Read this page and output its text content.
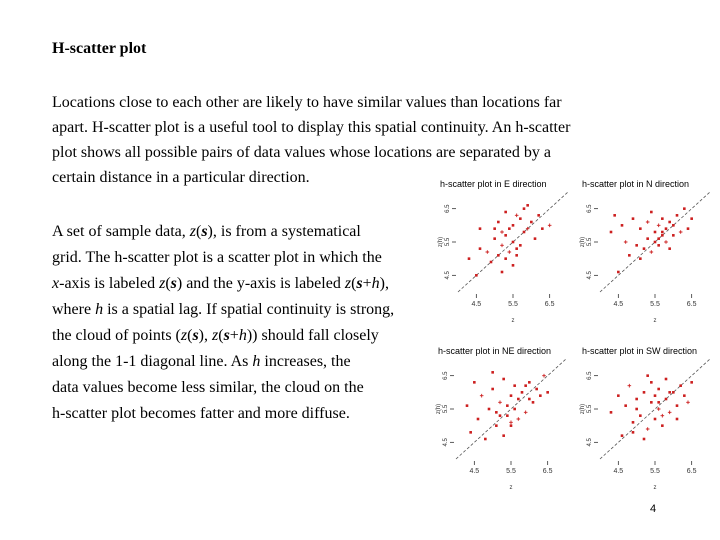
H-scatter plot
Locations close to each other are likely to have similar values than locations far
apart. H-scatter plot is a useful tool to display this spatial continuity. An h-scatter
plot shows all possible pairs of data values whose locations are separated by a
certain distance in a particular direction.
A set of sample data, z(s), is from a systematical
grid. The h-scatter plot is a scatter plot in which the
x-axis is labeled z(s) and the y-axis is labeled z(s+h),
where h is a spatial lag. If spatial continuity is strong,
the cloud of points (z(s), z(s+h)) should fall closely
along the 1-1 diagonal line. As h increases, the
data values become less similar, the cloud on the
h-scatter plot becomes fatter and more diffuse.
h-scatter plot in E direction
4.5
5.5
6.5
z(h)
4.5	5.5	6.5
z
h-scatter plot in N direction
4.5
5.5
6.5
z(h)
4.5	5.5	6.5
z
h-scatter plot in NE direction
4.5
5.5
6.5
z(h)
4.5	5.5	6.5
z
h-scatter plot in SW direction
4.5
5.5
6.5
z(h)
4.5	5.5	6.5
z
4
